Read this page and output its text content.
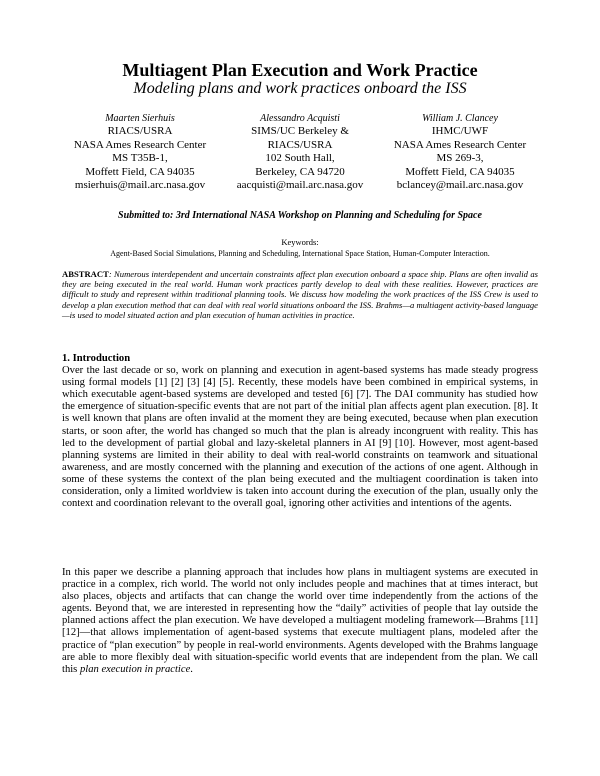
Multiagent Plan Execution and Work Practice
Modeling plans and work practices onboard the ISS
Maarten Sierhuis
RIACS/USRA
NASA Ames Research Center
MS T35B-1,
Moffett Field, CA 94035
msierhuis@mail.arc.nasa.gov
Alessandro Acquisti
SIMS/UC Berkeley &
RIACS/USRA
102 South Hall,
Berkeley, CA 94720
aacquisti@mail.arc.nasa.gov
William J. Clancey
IHMC/UWF
NASA Ames Research Center
MS 269-3,
Moffett Field, CA 94035
bclancey@mail.arc.nasa.gov
Submitted to: 3rd International NASA Workshop on Planning and Scheduling for Space
Keywords:
Agent-Based Social Simulations, Planning and Scheduling, International Space Station, Human-Computer Interaction.
ABSTRACT: Numerous interdependent and uncertain constraints affect plan execution onboard a space ship. Plans are often invalid as they are being executed in the real world. Human work practices partly develop to deal with these realities. However, practices are difficult to study and represent within traditional planning tools. We discuss how modeling the work practices of the ISS Crew is used to develop a plan execution method that can deal with real world situations onboard the ISS. Brahms—a multiagent activity-based language—is used to model situated action and plan execution of human activities in practice.
1. Introduction
Over the last decade or so, work on planning and execution in agent-based systems has made steady progress using formal models [1] [2] [3] [4] [5]. Recently, these models have been combined in empirical systems, in which executable agent-based systems are developed and tested [6] [7]. The DAI community has studied how the emergence of situation-specific events that are not part of the initial plan affects agent plan execution. [8]. It is well known that plans are often invalid at the moment they are being executed, because when plan execution starts, or soon after, the world has changed so much that the plan is already incongruent with reality. This has led to the development of partial global and lazy-skeletal planners in AI [9] [10]. However, most agent-based planning systems are limited in their ability to deal with real-world constraints on teamwork and situational awareness, and are mostly concerned with the planning and execution of the actions of one agent. Although in some of these systems the context of the plan being executed and the multiagent coordination is taken into consideration, only a limited worldview is taken into account during the execution of the plan, usually only the context and coordination relevant to the overall goal, ignoring other activities and intentions of the agents.
In this paper we describe a planning approach that includes how plans in multiagent systems are executed in practice in a complex, rich world. The world not only includes people and machines that at times interact, but also places, objects and artifacts that can change the world over time independently from the actions of the agents. Beyond that, we are interested in representing how the “daily” activities of people that lay outside the planned actions affect the plan execution. We have developed a multiagent modeling framework—Brahms [11] [12]—that allows implementation of agent-based systems that execute multiagent plans, modeled after the practice of “plan execution” by people in real-world environments. Agents developed with the Brahms language are able to more flexibly deal with situation-specific world events that are independent from the plan. We call this plan execution in practice.
